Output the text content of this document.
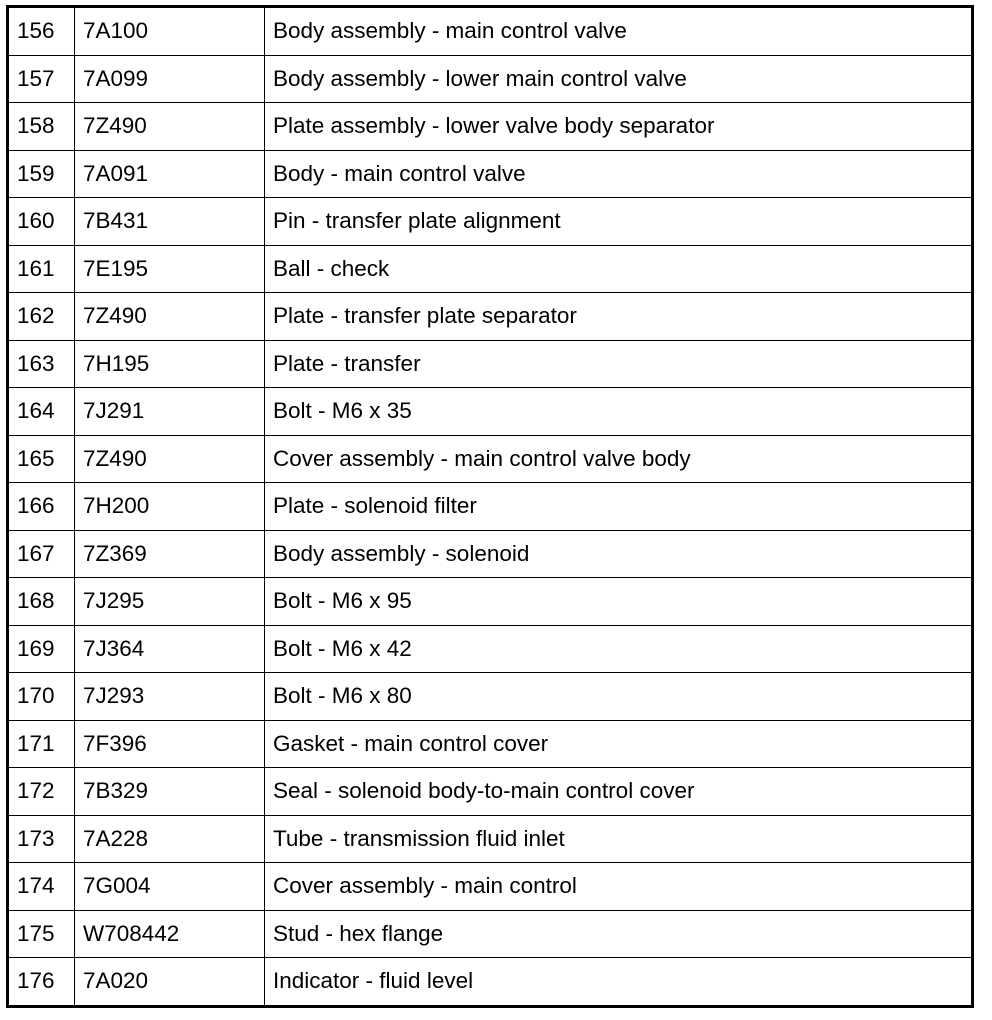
156	7A100	Body assembly - main control valve
157	7A099	Body assembly - lower main control valve
158	7Z490	Plate assembly - lower valve body separator
159	7A091	Body - main control valve
160	7B431	Pin - transfer plate alignment
161	7E195	Ball - check
162	7Z490	Plate - transfer plate separator
163	7H195	Plate - transfer
164	7J291	Bolt - M6 x 35
165	7Z490	Cover assembly - main control valve body
166	7H200	Plate - solenoid filter
167	7Z369	Body assembly - solenoid
168	7J295	Bolt - M6 x 95
169	7J364	Bolt - M6 x 42
170	7J293	Bolt - M6 x 80
171	7F396	Gasket - main control cover
172	7B329	Seal - solenoid body-to-main control cover
173	7A228	Tube - transmission fluid inlet
174	7G004	Cover assembly - main control
175	W708442	Stud - hex flange
176	7A020	Indicator - fluid level
